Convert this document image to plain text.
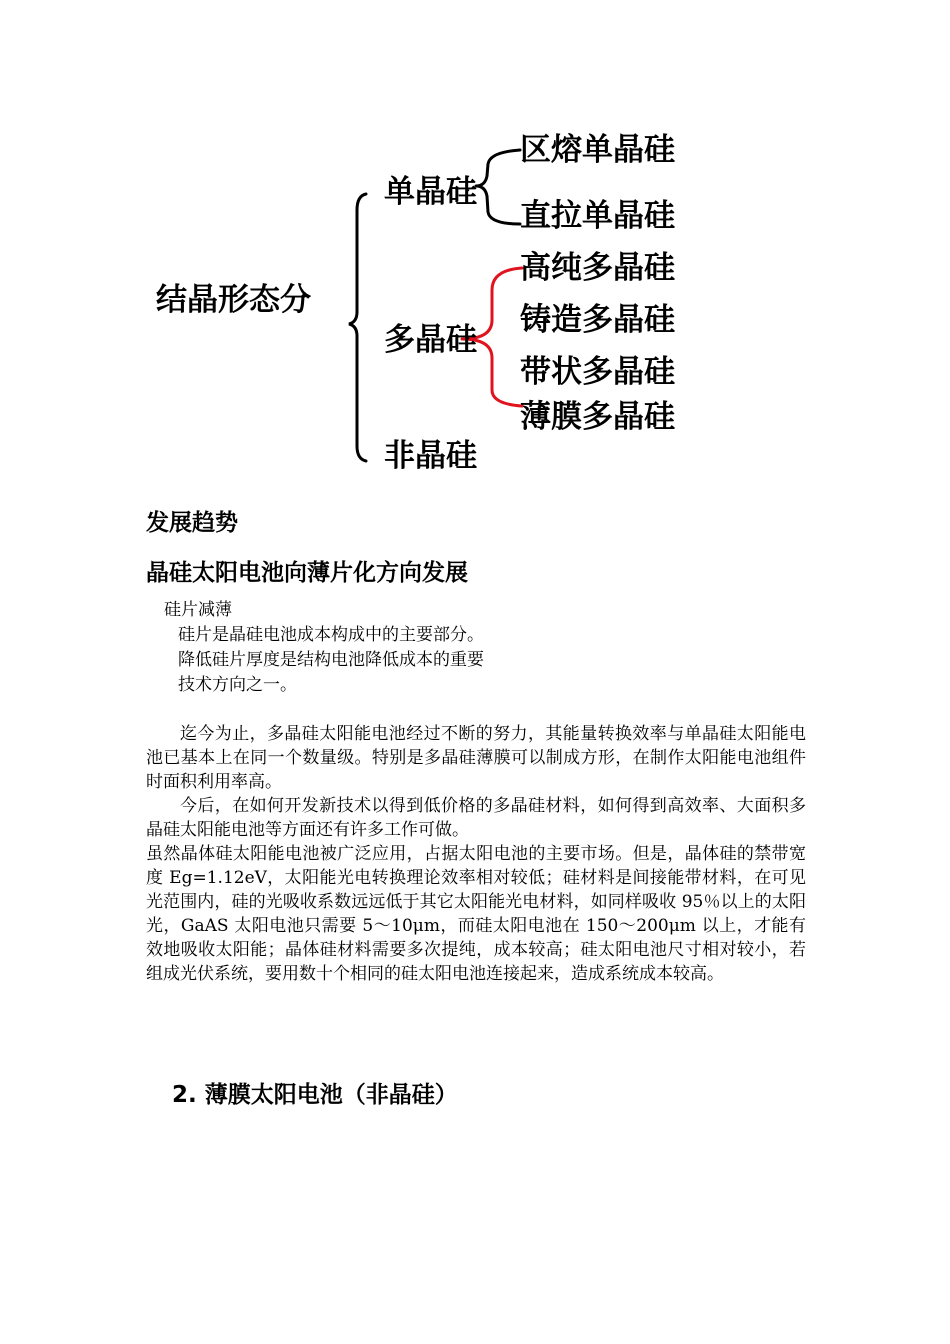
结晶形态分
单晶硅
多晶硅
非晶硅
区熔单晶硅
直拉单晶硅
高纯多晶硅
铸造多晶硅
带状多晶硅
薄膜多晶硅
发展趋势
晶硅太阳电池向薄片化方向发展
硅片减薄
硅片是晶硅电池成本构成中的主要部分。
降低硅片厚度是结构电池降低成本的重要
技术方向之一。

迄今为止，多晶硅太阳能电池经过不断的努力，其能量转换效率与单晶硅太阳能电池已基本上在同一个数量级。特别是多晶硅薄膜可以制成方形，在制作太阳能电池组件时面积利用率高。

今后，在如何开发新技术以得到低价格的多晶硅材料，如何得到高效率、大面积多晶硅太阳能电池等方面还有许多工作可做。

虽然晶体硅太阳能电池被广泛应用，占据太阳电池的主要市场。但是，晶体硅的禁带宽度 Eg=1.12eV，太阳能光电转换理论效率相对较低；硅材料是间接能带材料，在可见光范围内，硅的光吸收系数远远低于其它太阳能光电材料，如同样吸收 95％以上的太阳光，GaAS 太阳电池只需要 5～10μm，而硅太阳电池在 150～200μm 以上，才能有效地吸收太阳能；晶体硅材料需要多次提纯，成本较高；硅太阳电池尺寸相对较小，若组成光伏系统，要用数十个相同的硅太阳电池连接起来，造成系统成本较高。

2. 薄膜太阳电池（非晶硅）
